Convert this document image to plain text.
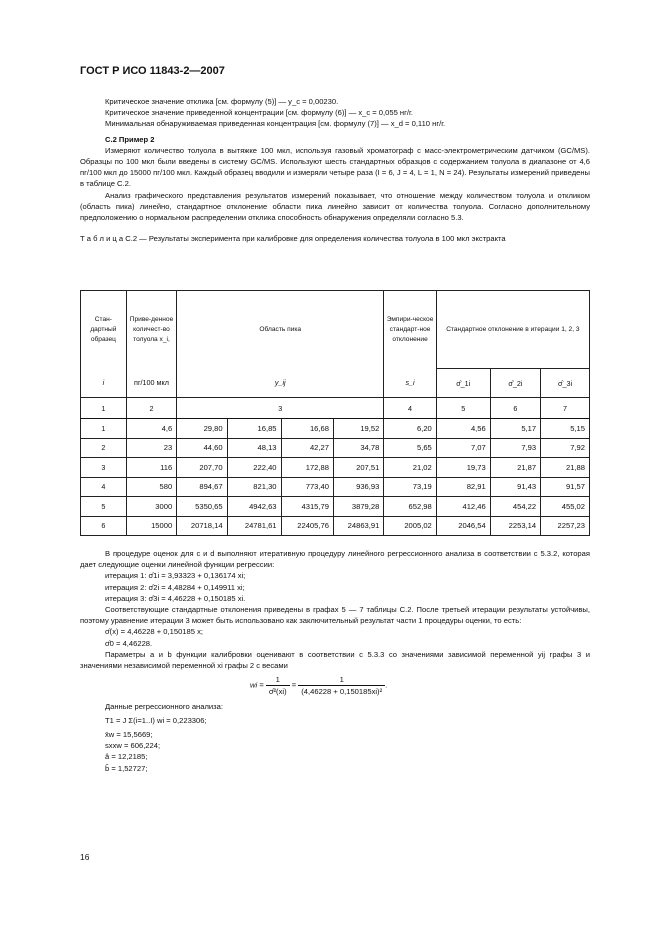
ГОСТ Р ИСО 11843-2—2007

Критическое значение отклика [см. формулу (5)] — y_c = 0,00230.

Критическое значение приведенной концентрации [см. формулу (6)] — x_c = 0,055 нг/г.

Минимальная обнаруживаемая приведенная концентрация [см. формулу (7)] — x_d = 0,110 нг/г.

С.2 Пример 2

Измеряют количество толуола в вытяжке 100 мкл, используя газовый хроматограф с масс-электрометрическим датчиком (GC/MS). Образцы по 100 мкл были введены в систему GC/MS. Используют шесть стандартных образцов с содержанием толуола в диапазоне от 4,6 пг/100 мкл до 15000 пг/100 мкл. Каждый образец вводили и измеряли четыре раза (I = 6, J = 4, L = 1, N = 24). Результаты измерений приведены в таблице С.2.

Анализ графического представления результатов измерений показывает, что отношение между количеством толуола и откликом (область пика) линейно, стандартное отклонение области пика линейно зависит от количества толуола. Согласно дополнительному предположению о нормальном распределении отклика способность обнаружения определяли согласно 5.3.

Т а б л и ц а С.2 — Результаты эксперимента при калибровке для определения количества толуола в 100 мкл экстракта

Стан-дартный образец	Приве-денное количест-во толуола x_i,	Область пика				Эмпири-ческое стандарт-ное отклонение	Стандартное отклонение в итерации 1, 2, 3		
i	пг/100 мкл	y_ij				s_i	σ̂_1i	σ̂_2i	σ̂_3i
1	2	3				4	5	6	7
1	4,6	29,80	16,85	16,68	19,52	6,20	4,56	5,17	5,15
2	23	44,60	48,13	42,27	34,78	5,65	7,07	7,93	7,92
3	116	207,70	222,40	172,88	207,51	21,02	19,73	21,87	21,88
4	580	894,67	821,30	773,40	936,93	73,19	82,91	91,43	91,57
5	3000	5350,65	4942,63	4315,79	3879,28	652,98	412,46	454,22	455,02
6	15000	20718,14	24781,61	22405,76	24863,91	2005,02	2046,54	2253,14	2257,23

В процедуре оценок для c и d выполняют итеративную процедуру линейного регрессионного анализа в соответствии с 5.3.2, которая дает следующие оценки линейной функции регрессии:

итерация 1: σ̂1i = 3,93323 + 0,136174 xi;

итерация 2: σ̂2i = 4,48284 + 0,149911 xi;

итерация 3: σ̂3i = 4,46228 + 0,150185 xi.

Соответствующие стандартные отклонения приведены в графах 5 — 7 таблицы С.2. После третьей итерации результаты устойчивы, поэтому уравнение итерации 3 может быть использовано как заключительный результат части 1 процедуры оценки, то есть:

σ̂(x) = 4,46228 + 0,150185 x;

σ̂0 = 4,46228.

Параметры a и b функции калибровки оценивают в соответствии с 5.3.3 со значениями зависимой переменной yij графы 3 и значениями независимой переменной xi графы 2 с весами

wi = $\frac{1}{\text{σ̂²(xi)}} = \frac{1}{\text{(4,46228 + 0,150185xi)²}}$ .

Данные регрессионного анализа:

T1 = J Σ(i=1..I) wi = 0,223306;

x̄w = 15,5669;

sxxw = 606,224;

â = 12,2185;

b̂ = 1,52727;

16
